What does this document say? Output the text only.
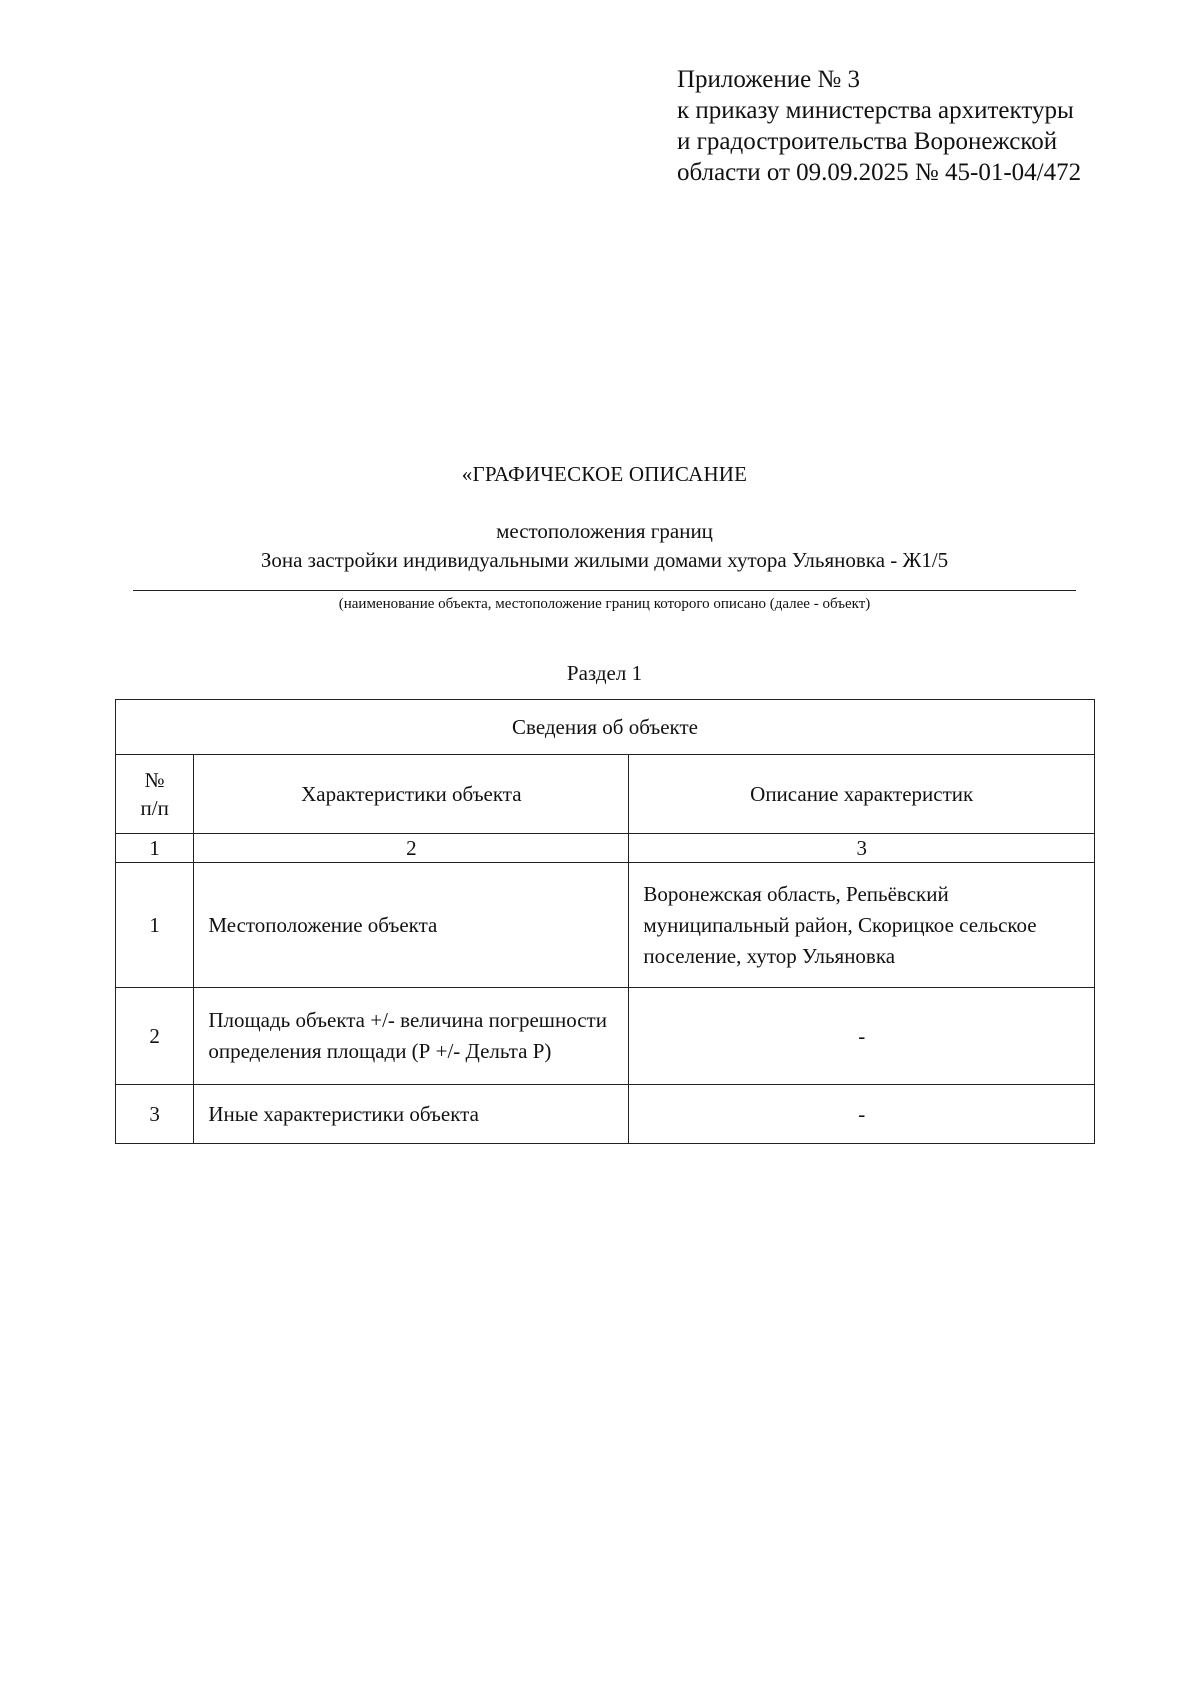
Приложение № 3
к приказу министерства архитектуры
и градостроительства Воронежской
области от 09.09.2025 № 45-01-04/472
«ГРАФИЧЕСКОЕ ОПИСАНИЕ
местоположения границ
Зона застройки индивидуальными жилыми домами хутора Ульяновка - Ж1/5
(наименование объекта, местоположение границ которого описано (далее - объект)
Раздел 1
Сведения об объекте		
№
п/п	Характеристики объекта	Описание характеристик
1	2	3
1	Местоположение объекта	Воронежская область, Репьёвский муниципальный район, Скорицкое сельское поселение, хутор Ульяновка
2	Площадь объекта +/- величина погрешности определения площади (Р +/- Дельта Р)	-
3	Иные характеристики объекта	-
